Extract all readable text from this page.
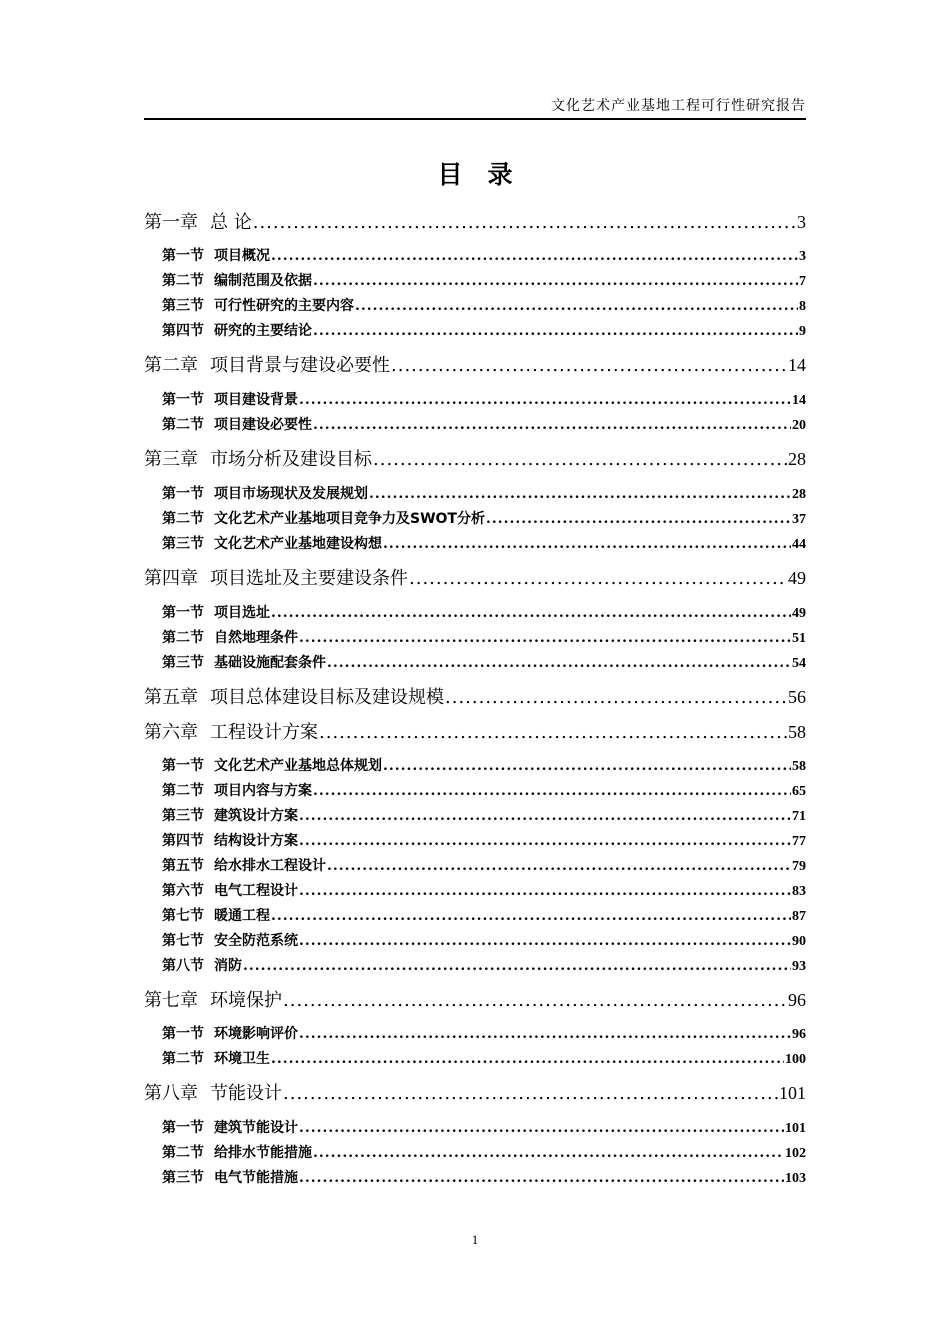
文化艺术产业基地工程可行性研究报告
目　录
第一章 总 论 .....	3
第一节 项目概况 .....	3
第二节 编制范围及依据 .....	7
第三节 可行性研究的主要内容 .....	8
第四节 研究的主要结论 .....	9
第二章 项目背景与建设必要性 .....	14
第一节 项目建设背景 .....	14
第二节 项目建设必要性 .....	20
第三章 市场分析及建设目标 .....	28
第一节 项目市场现状及发展规划 .....	28
第二节 文化艺术产业基地项目竞争力及SWOT分析 .....	37
第三节 文化艺术产业基地建设构想 .....	44
第四章 项目选址及主要建设条件 .....	49
第一节 项目选址 .....	49
第二节 自然地理条件 .....	51
第三节 基础设施配套条件 .....	54
第五章 项目总体建设目标及建设规模 .....	56
第六章 工程设计方案 .....	58
第一节 文化艺术产业基地总体规划 .....	58
第二节 项目内容与方案 .....	65
第三节 建筑设计方案 .....	71
第四节 结构设计方案 .....	77
第五节 给水排水工程设计 .....	79
第六节 电气工程设计 .....	83
第七节 暖通工程 .....	87
第七节 安全防范系统 .....	90
第八节 消防 .....	93
第七章 环境保护 .....	96
第一节 环境影响评价 .....	96
第二节 环境卫生 .....	100
第八章 节能设计 .....	101
第一节 建筑节能设计 .....	101
第二节 给排水节能措施 .....	102
第三节 电气节能措施 .....	103
1
